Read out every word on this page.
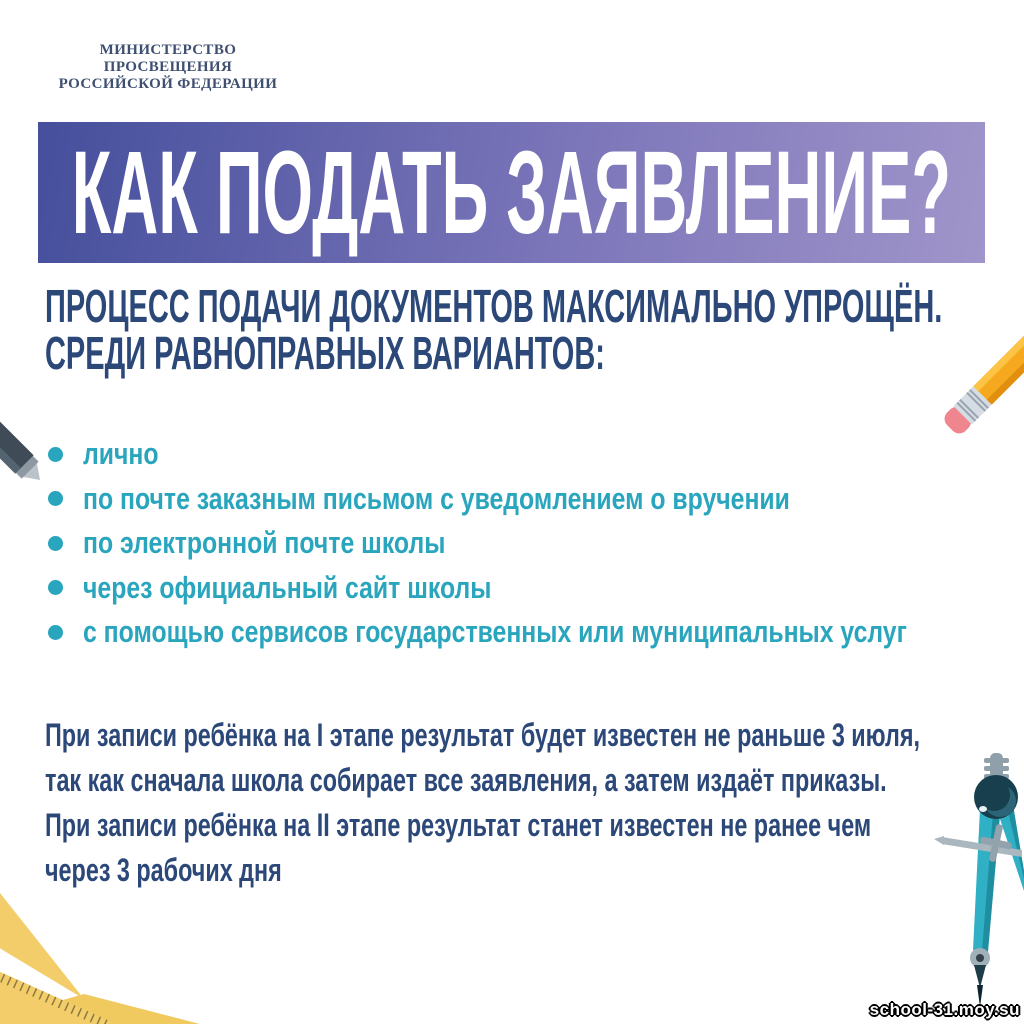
МИНИСТЕРСТВО ПРОСВЕЩЕНИЯ
РОССИЙСКОЙ ФЕДЕРАЦИИ
КАК ПОДАТЬ ЗАЯВЛЕНИЕ?
ПРОЦЕСС ПОДАЧИ ДОКУМЕНТОВ МАКСИМАЛЬНО УПРОЩЁН.
СРЕДИ РАВНОПРАВНЫХ ВАРИАНТОВ:
лично
по почте заказным письмом с уведомлением о вручении
по электронной почте школы
через официальный сайт школы
с помощью сервисов государственных или муниципальных услуг
При записи ребёнка на I этапе результат будет известен не раньше 3 июля,
так как сначала школа собирает все заявления, а затем издаёт приказы.
При записи ребёнка на II этапе результат станет известен не ранее чем
через 3 рабочих дня
school-31.moy.su
